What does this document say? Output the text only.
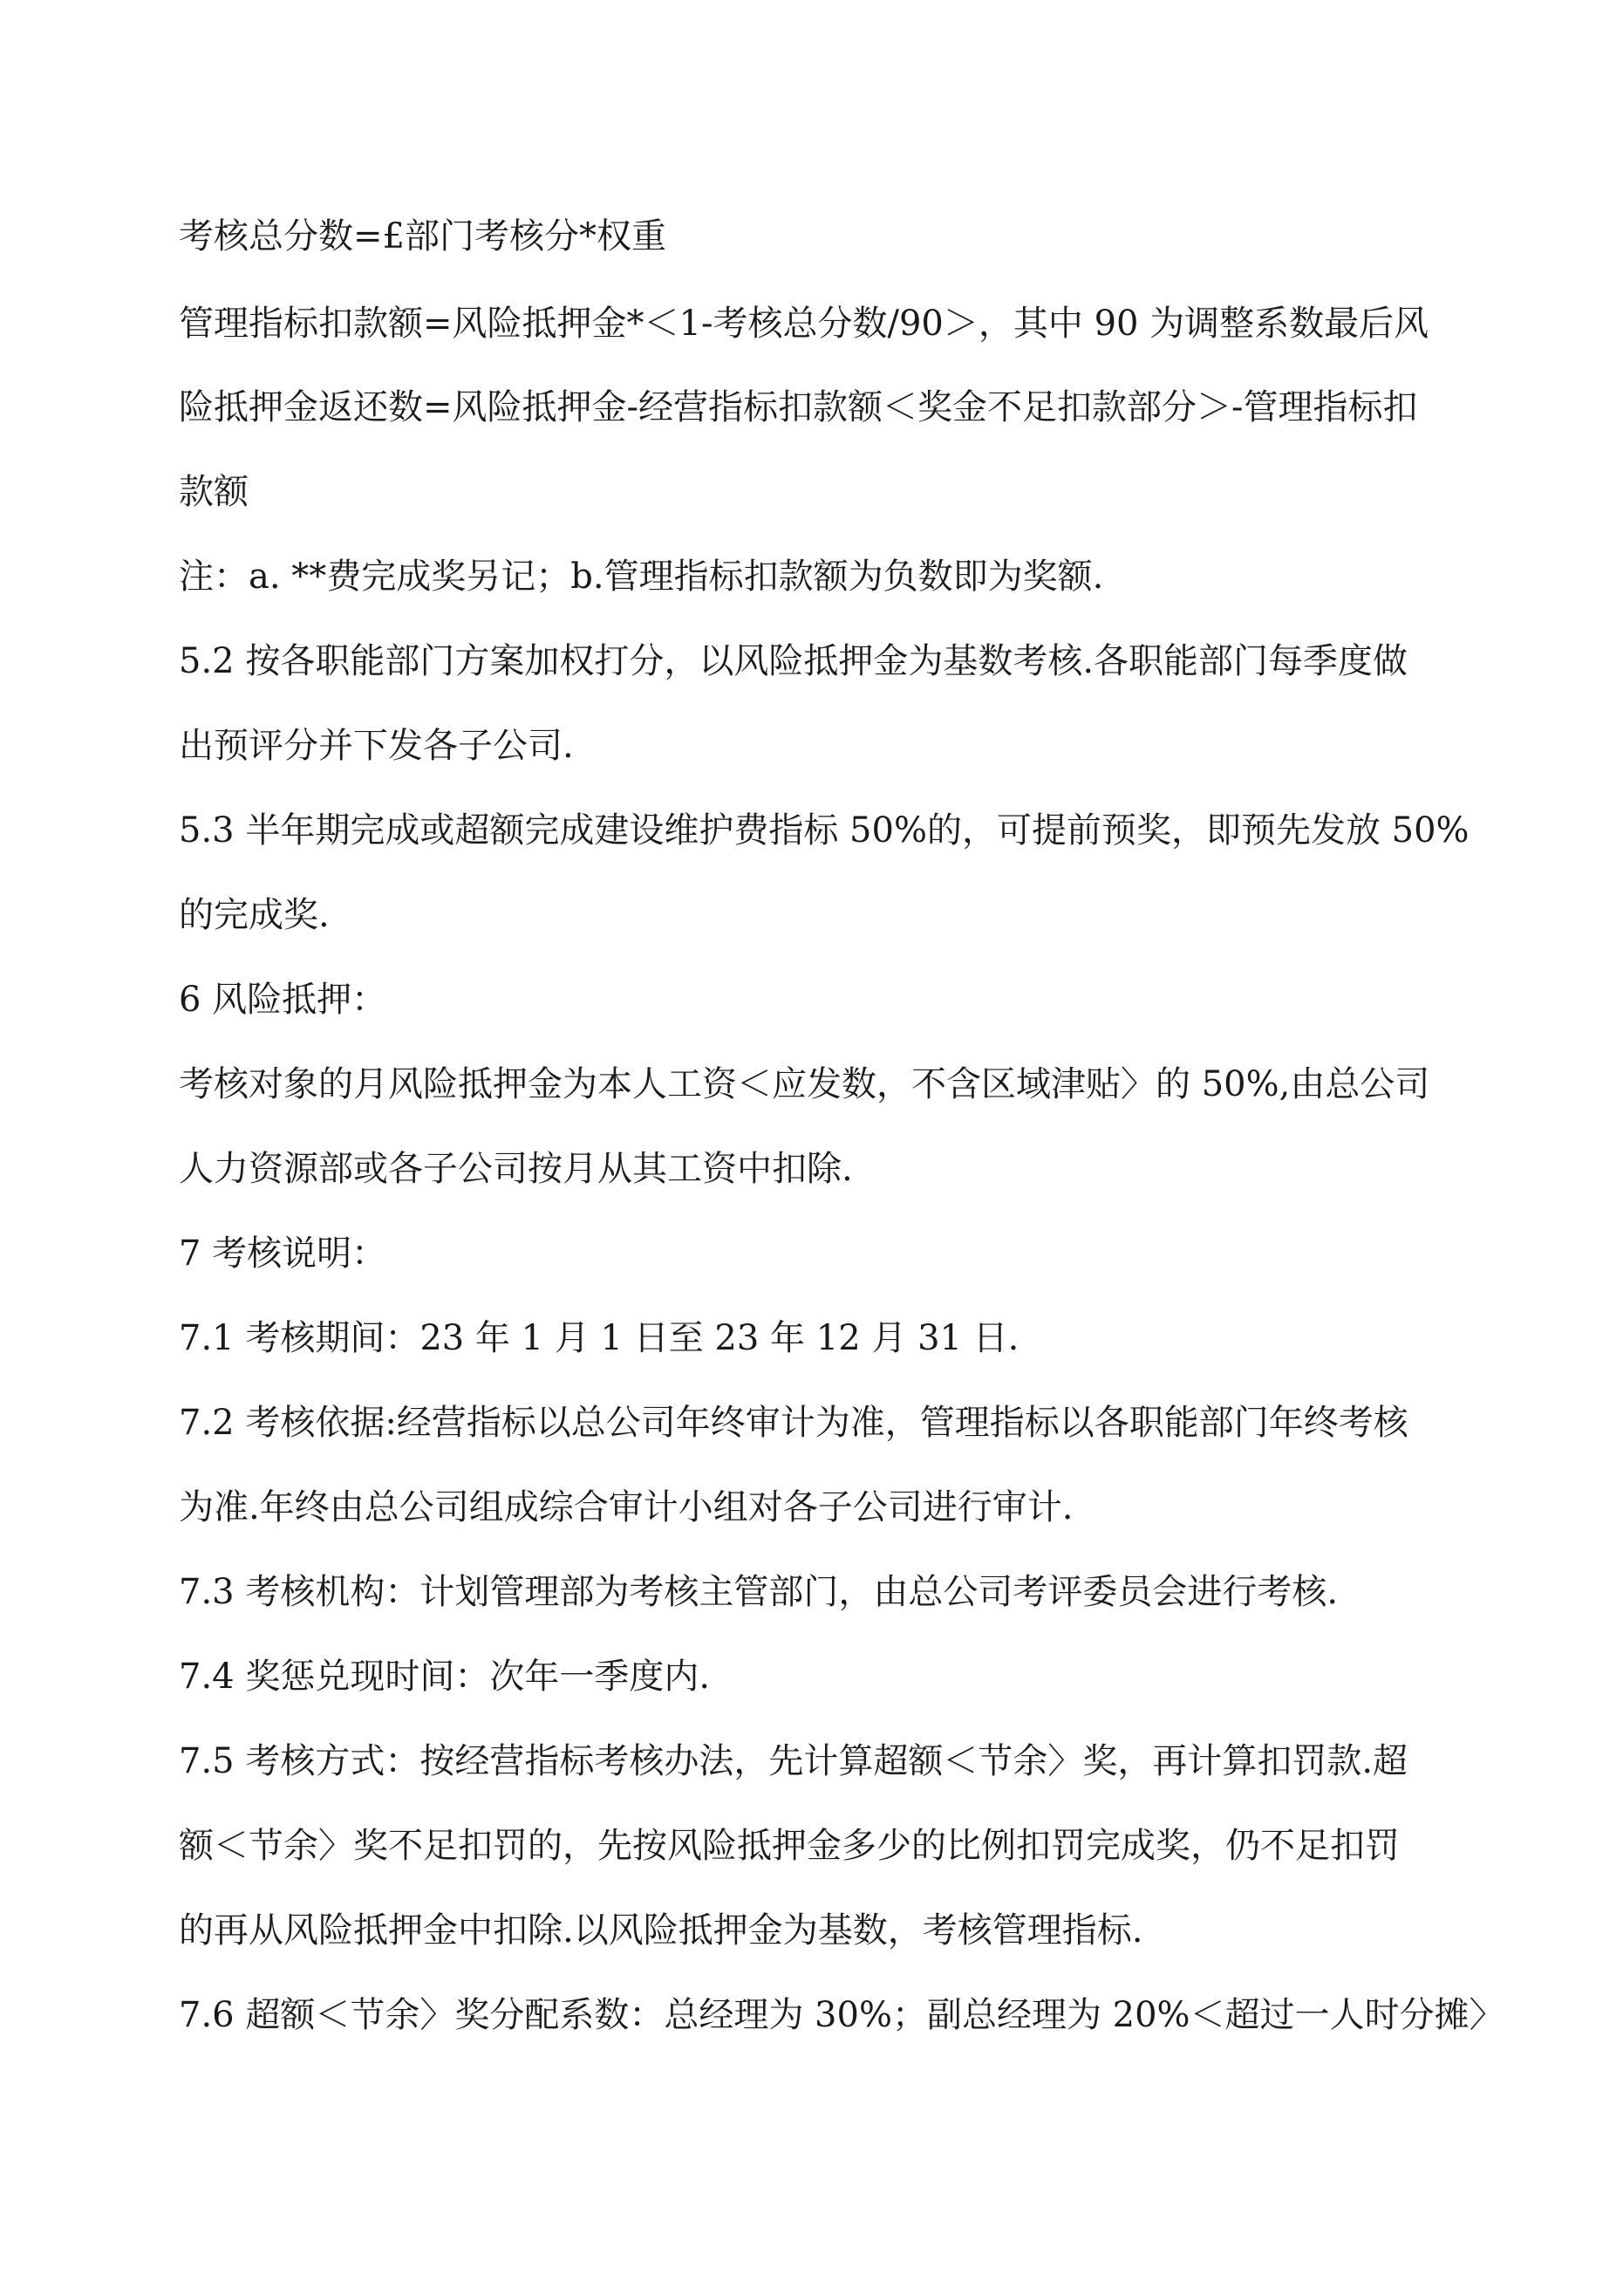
考核总分数=£部门考核分*权重
管理指标扣款额=风险抵押金*＜1-考核总分数/90＞，其中 90 为调整系数最后风
险抵押金返还数=风险抵押金-经营指标扣款额＜奖金不足扣款部分＞-管理指标扣
款额
注：a. **费完成奖另记；b.管理指标扣款额为负数即为奖额.
5.2 按各职能部门方案加权打分，以风险抵押金为基数考核.各职能部门每季度做
出预评分并下发各子公司.
5.3 半年期完成或超额完成建设维护费指标 50%的，可提前预奖，即预先发放 50%
的完成奖.
6 风险抵押：
考核对象的月风险抵押金为本人工资＜应发数，不含区域津贴〉的 50%,由总公司
人力资源部或各子公司按月从其工资中扣除.
7 考核说明：
7.1 考核期间：23 年 1 月 1 日至 23 年 12 月 31 日.
7.2 考核依据:经营指标以总公司年终审计为准，管理指标以各职能部门年终考核
为准.年终由总公司组成综合审计小组对各子公司进行审计.
7.3 考核机构：计划管理部为考核主管部门，由总公司考评委员会进行考核.
7.4 奖惩兑现时间：次年一季度内.
7.5 考核方式：按经营指标考核办法，先计算超额＜节余〉奖，再计算扣罚款.超
额＜节余〉奖不足扣罚的，先按风险抵押金多少的比例扣罚完成奖，仍不足扣罚
的再从风险抵押金中扣除.以风险抵押金为基数，考核管理指标.
7.6 超额＜节余〉奖分配系数：总经理为 30%；副总经理为 20%＜超过一人时分摊〉
